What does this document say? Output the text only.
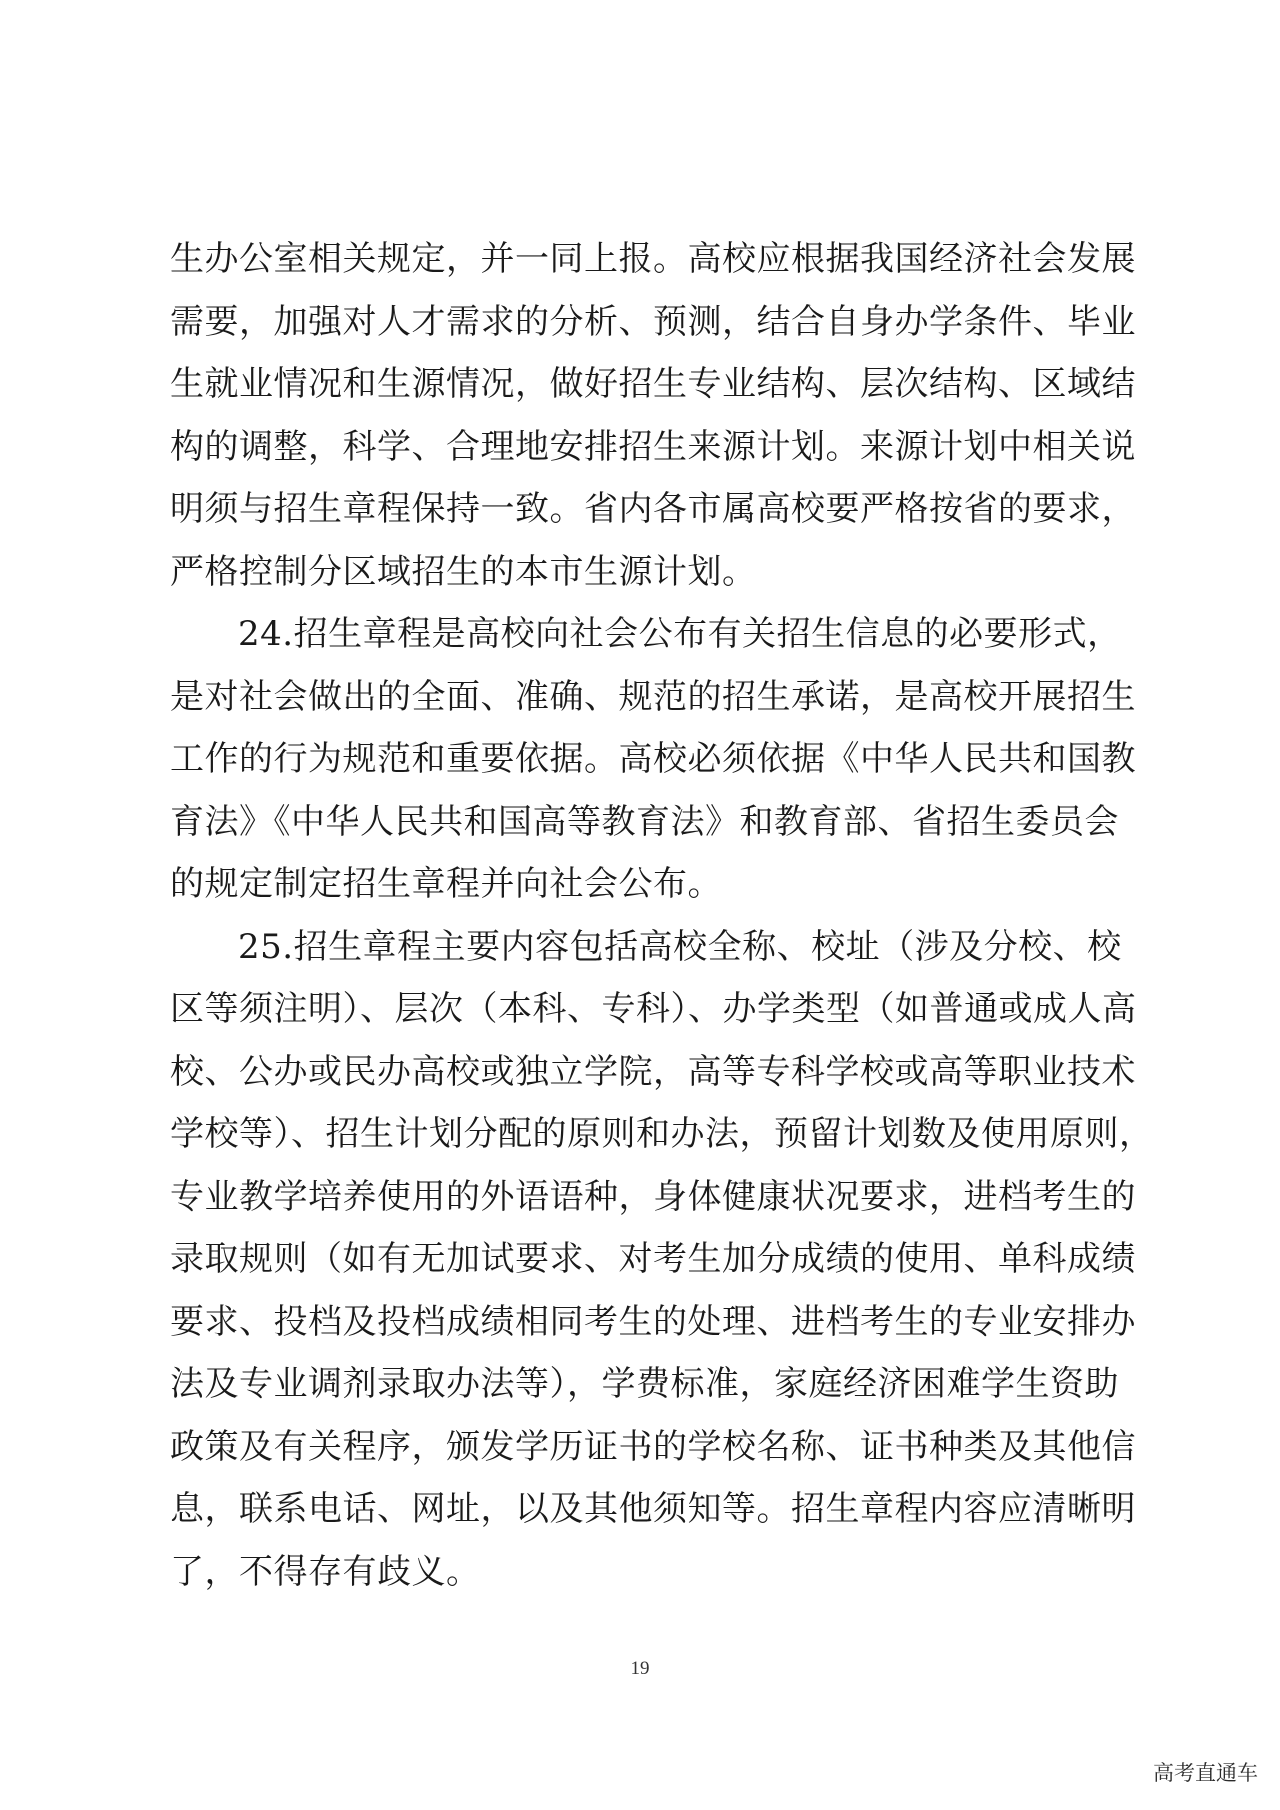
生办公室相关规定，并一同上报。高校应根据我国经济社会发展
需要，加强对人才需求的分析、预测，结合自身办学条件、毕业
生就业情况和生源情况，做好招生专业结构、层次结构、区域结
构的调整，科学、合理地安排招生来源计划。来源计划中相关说
明须与招生章程保持一致。省内各市属高校要严格按省的要求，
严格控制分区域招生的本市生源计划。
24.招生章程是高校向社会公布有关招生信息的必要形式，
是对社会做出的全面、准确、规范的招生承诺，是高校开展招生
工作的行为规范和重要依据。高校必须依据《中华人民共和国教
育法》《中华人民共和国高等教育法》和教育部、省招生委员会
的规定制定招生章程并向社会公布。
25.招生章程主要内容包括高校全称、校址（涉及分校、校
区等须注明）、层次（本科、专科）、办学类型（如普通或成人高
校、公办或民办高校或独立学院，高等专科学校或高等职业技术
学校等）、招生计划分配的原则和办法，预留计划数及使用原则，
专业教学培养使用的外语语种，身体健康状况要求，进档考生的
录取规则（如有无加试要求、对考生加分成绩的使用、单科成绩
要求、投档及投档成绩相同考生的处理、进档考生的专业安排办
法及专业调剂录取办法等），学费标准，家庭经济困难学生资助
政策及有关程序，颁发学历证书的学校名称、证书种类及其他信
息，联系电话、网址，以及其他须知等。招生章程内容应清晰明
了，不得存有歧义。
19
高考直通车
